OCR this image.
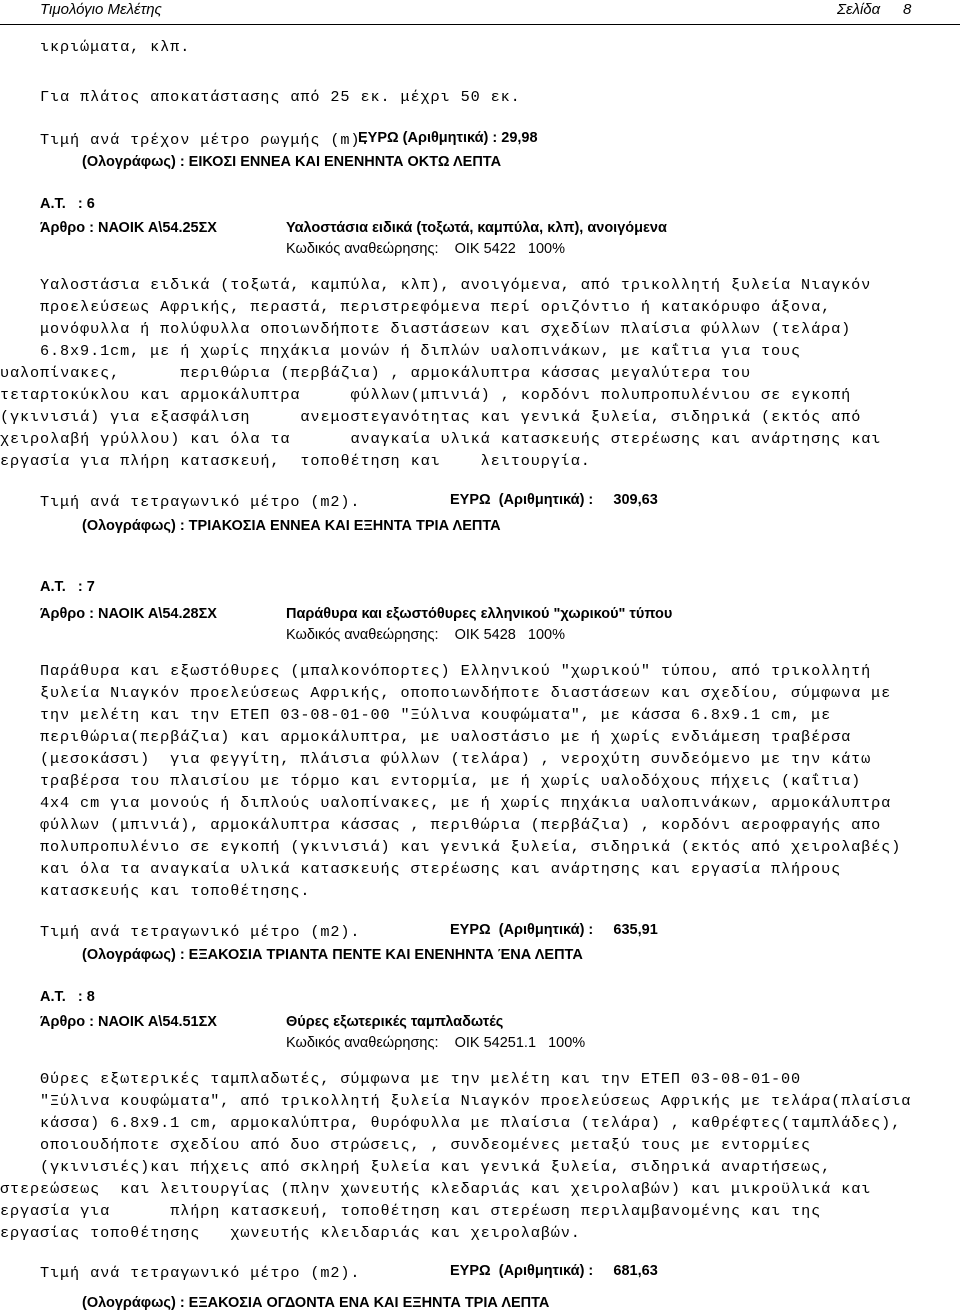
Τιμολόγιο Μελέτης	Σελίδα 8
ικριώματα, κλπ.
Για πλάτος αποκατάστασης από 25 εκ. μέχρι 50 εκ.
Τιμή ανά τρέχον μέτρο ρωγμής (m).
ΕΥΡΩ (Αριθμητικά) : 29,98
(Ολογράφως) : ΕΙΚΟΣΙ ΕΝΝΕΑ ΚΑΙ ΕΝΕΝΗΝΤΑ ΟΚΤΩ ΛΕΠΤΑ
Α.Τ.   : 6
Άρθρο : ΝΑΟΙΚ Α\54.25ΣΧ	Υαλοστάσια ειδικά (τοξωτά, καμπύλα, κλπ), ανοιγόμενα
Κωδικός αναθεώρησης:    ΟΙΚ 5422   100%
Υαλοστάσια ειδικά (τοξωτά, καμπύλα, κλπ), ανοιγόμενα, από τρικολλητή ξυλεία Νιαγκόν
προελεύσεως Αφρικής, περαστά, περιστρεφόμενα περί οριζόντιο ή κατακόρυφο άξονα,
μονόφυλλα ή πολύφυλλα οποιωνδήποτε διαστάσεων και σχεδίων πλαίσια φύλλων (τελάρα)
6.8x9.1cm, με ή χωρίς πηχάκια μονών ή διπλών υαλοπινάκων, με καΐτια για τους
υαλοπίνακες,      περιθώρια (περβάζια) , αρμοκάλυπτρα κάσσας μεγαλύτερα του
τεταρτοκύκλου και αρμοκάλυπτρα     φύλλων(μπινιά) , κορδόνι πολυπροπυλένιου σε εγκοπή
(γκινισιά) για εξασφάλιση     ανεμοστεγανότητας και γενικά ξυλεία, σιδηρικά (εκτός από
χειρολαβή γρύλλου) και όλα τα      αναγκαία υλικά κατασκευής στερέωσης και ανάρτησης και
εργασία για πλήρη κατασκευή,  τοποθέτηση και    λειτουργία.
Τιμή ανά τετραγωνικό μέτρο (m2).	ΕΥΡΩ  (Αριθμητικά) :     309,63
(Ολογράφως) : ΤΡΙΑΚΟΣΙΑ ΕΝΝΕΑ ΚΑΙ ΕΞΗΝΤΑ ΤΡΙΑ ΛΕΠΤΑ
Α.Τ.   : 7
Άρθρο : ΝΑΟΙΚ Α\54.28ΣΧ	Παράθυρα και εξωστόθυρες ελληνικού "χωρικού" τύπου
Κωδικός αναθεώρησης:    ΟΙΚ 5428   100%
Παράθυρα και εξωστόθυρες (μπαλκονόπορτες) Ελληνικού "χωρικού" τύπου, από τρικολλητή
ξυλεία Νιαγκόν προελεύσεως Αφρικής, οποποιωνδήποτε διαστάσεων και σχεδίου, σύμφωνα με
την μελέτη και την ΕΤΕΠ 03-08-01-00 "Ξύλινα κουφώματα", με κάσσα 6.8x9.1 cm, με
περιθώρια(περβάζια) και αρμοκάλυπτρα, με υαλοστάσιο με ή χωρίς ενδιάμεση τραβέρσα
(μεσοκάσσι)  για φεγγίτη, πλάισια φύλλων (τελάρα) , νεροχύτη συνδεόμενο με την κάτω
τραβέρσα του πλαισίου με τόρμο και εντορμία, με ή χωρίς υαλοδόχους πήχεις (καΐτια)
4x4 cm για μονούς ή διπλούς υαλοπίνακες, με ή χωρίς πηχάκια υαλοπινάκων, αρμοκάλυπτρα
φύλλων (μπινιά), αρμοκάλυπτρα κάσσας , περιθώρια (περβάζια) , κορδόνι αεροφραγής απο
πολυπροπυλένιο σε εγκοπή (γκινισιά) και γενικά ξυλεία, σιδηρικά (εκτός από χειρολαβές)
και όλα τα αναγκαία υλικά κατασκευής στερέωσης και ανάρτησης και εργασία πλήρους
κατασκευής και τοποθέτησης.
Τιμή ανά τετραγωνικό μέτρο (m2).	ΕΥΡΩ  (Αριθμητικά) :     635,91
(Ολογράφως) : ΕΞΑΚΟΣΙΑ ΤΡΙΑΝΤΑ ΠΕΝΤΕ ΚΑΙ ΕΝΕΝΗΝΤΑ ΈΝΑ ΛΕΠΤΑ
Α.Τ.   : 8
Άρθρο : ΝΑΟΙΚ Α\54.51ΣΧ	Θύρες εξωτερικές ταμπλαδωτές
Κωδικός αναθεώρησης:    ΟΙΚ 54251.1   100%
Θύρες εξωτερικές ταμπλαδωτές, σύμφωνα με την μελέτη και την ΕΤΕΠ 03-08-01-00
"Ξύλινα κουφώματα", από τρικολλητή ξυλεία Νιαγκόν προελεύσεως Αφρικής με τελάρα(πλαίσια
κάσσα) 6.8x9.1 cm, αρμοκαλύπτρα, θυρόφυλλα με πλαίσια (τελάρα) , καθρέφτες(ταμπλάδες),
οποιουδήποτε σχεδίου από δυο στρώσεις, , συνδεομένες μεταξύ τους με εντορμίες
(γκινισιές)και πήχεις από σκληρή ξυλεία και γενικά ξυλεία, σιδηρικά αναρτήσεως,
στερεώσεως  και λειτουργίας (πλην χωνευτής κλεδαριάς και χειρολαβών) και μικροϋλικά και
εργασία για      πλήρη κατασκευή, τοποθέτηση και στερέωση περιλαμβανομένης και της
εργασίας τοποθέτησης   χωνευτής κλειδαριάς και χειρολαβών.
Τιμή ανά τετραγωνικό μέτρο (m2).	ΕΥΡΩ  (Αριθμητικά) :     681,63
(Ολογράφως) : ΕΞΑΚΟΣΙΑ ΟΓΔΟΝΤΑ ΕΝΑ ΚΑΙ ΕΞΗΝΤΑ ΤΡΙΑ ΛΕΠΤΑ
